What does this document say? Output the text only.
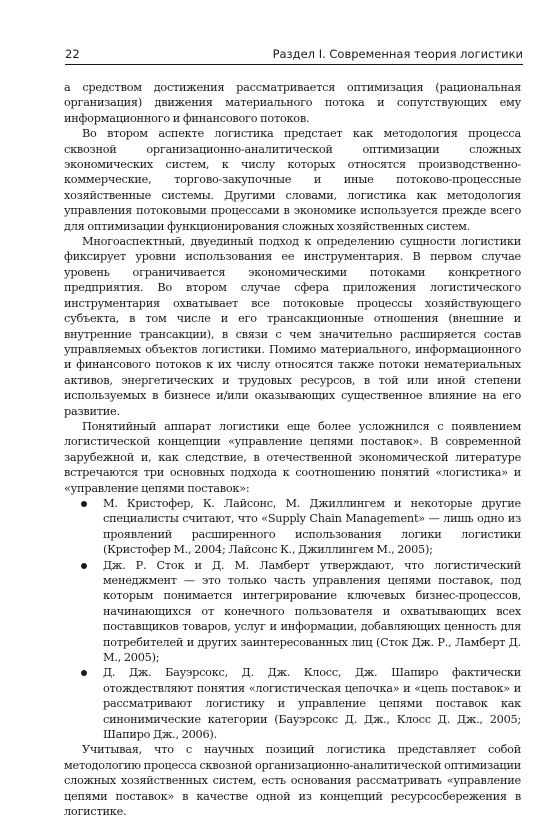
22	Раздел I. Современная теория логистики

а средством достижения рассматривается оптимизация (рациональная организация) движения материального потока и сопутствующих ему информационного и финансового потоков.

Во втором аспекте логистика предстает как методология процесса сквозной организационно-аналитической оптимизации сложных экономических систем, к числу которых относятся производственно-коммерческие, торгово-закупочные и иные потоково-процессные хозяйственные системы. Другими словами, логистика как методология управления потоковыми процессами в экономике используется прежде всего для оптимизации функционирования сложных хозяйственных систем.

Многоаспектный, двуединый подход к определению сущности логистики фиксирует уровни использования ее инструментария. В первом случае уровень ограничивается экономическими потоками конкретного предприятия. Во втором случае сфера приложения логистического инструментария охватывает все потоковые процессы хозяйствующего субъекта, в том числе и его трансакционные отношения (внешние и внутренние трансакции), в связи с чем значительно расширяется состав управляемых объектов логистики. Помимо материального, информационного и финансового потоков к их числу относятся также потоки нематериальных активов, энергетических и трудовых ресурсов, в той или иной степени используемых в бизнесе и/или оказывающих существенное влияние на его развитие.

Понятийный аппарат логистики еще более усложнился с появлением логистической концепции «управление цепями поставок». В современной зарубежной и, как следствие, в отечественной экономической литературе встречаются три основных подхода к соотношению понятий «логистика» и «управление цепями поставок»:

М. Кристофер, К. Лайсонс, М. Джиллингем и некоторые другие специалисты считают, что «Supply Chain Management» — лишь одно из проявлений расширенного использования логики логистики (Кристофер М., 2004; Лайсонс К., Джиллингем М., 2005);
Дж. Р. Сток и Д. М. Ламберт утверждают, что логистический менеджмент — это только часть управления цепями поставок, под которым понимается интегрирование ключевых бизнес-процессов, начинающихся от конечного пользователя и охватывающих всех поставщиков товаров, услуг и информации, добавляющих ценность для потребителей и других заинтересованных лиц (Сток Дж. Р., Ламберт Д. М., 2005);
Д. Дж. Бауэрсокс, Д. Дж. Клосс, Дж. Шапиро фактически отождествляют понятия «логистическая цепочка» и «цепь поставок» и рассматривают логистику и управление цепями поставок как синонимические категории (Бауэрсокс Д. Дж., Клосс Д. Дж., 2005; Шапиро Дж., 2006).

Учитывая, что с научных позиций логистика представляет собой методологию процесса сквозной организационно-аналитической оптимизации сложных хозяйственных систем, есть основания рассматривать «управление цепями поставок» в качестве одной из концепций ресурсосбережения в логистике.
